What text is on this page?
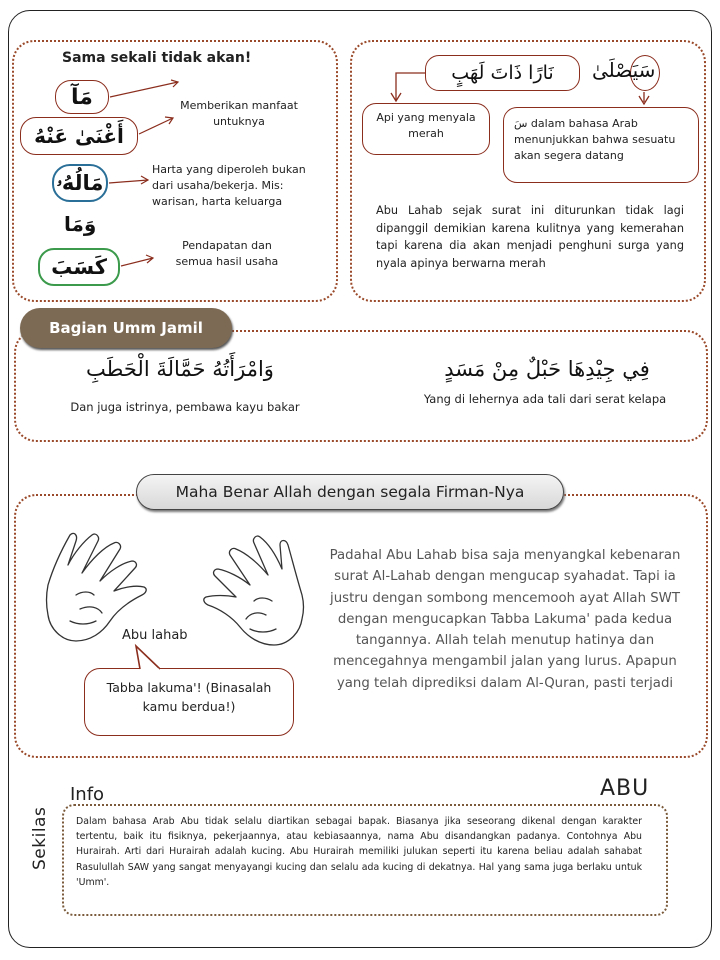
Sama sekali tidak akan!
مَآ
أَغْنَىٰ عَنْهُ
مَالُهُۥ
وَمَا
كَسَبَ
Memberikan manfaat untuknya
Harta yang diperoleh bukan dari usaha/bekerja. Mis: warisan, harta keluarga
Pendapatan dan semua hasil usaha
نَارًا ذَاتَ لَهَبٍ سَيَصْلَىٰ
Api yang menyala merah
سَ dalam bahasa Arab menunjukkan bahwa sesuatu akan segera datang
Abu Lahab sejak surat ini diturunkan tidak lagi dipanggil demikian karena kulitnya yang kemerahan tapi karena dia akan menjadi penghuni surga yang nyala apinya berwarna merah
Bagian Umm Jamil
وَامْرَأَتُهُ حَمَّالَةَ الْحَطَبِ
Dan juga istrinya, pembawa kayu bakar
فِي جِيْدِهَا حَبْلٌ مِنْ مَسَدٍ
Yang di lehernya ada tali dari serat kelapa
Maha Benar Allah dengan segala Firman-Nya
Abu lahab
Tabba lakuma'! (Binasalah kamu berdua!)
Padahal Abu Lahab bisa saja menyangkal kebenaran surat Al-Lahab dengan mengucap syahadat. Tapi ia justru dengan sombong mencemooh ayat Allah SWT dengan mengucapkan Tabba Lakuma' pada kedua tangannya. Allah telah menutup hatinya dan mencegahnya mengambil jalan yang lurus. Apapun yang telah diprediksi dalam Al-Quran, pasti terjadi
Sekilas
Info	ABU
Dalam bahasa Arab Abu tidak selalu diartikan sebagai bapak. Biasanya jika seseorang dikenal dengan karakter tertentu, baik itu fisiknya, pekerjaannya, atau kebiasaannya, nama Abu disandangkan padanya. Contohnya Abu Hurairah. Arti dari Hurairah adalah kucing. Abu Hurairah memiliki julukan seperti itu karena beliau adalah sahabat Rasulullah SAW yang sangat menyayangi kucing dan selalu ada kucing di dekatnya. Hal yang sama juga berlaku untuk 'Umm'.
